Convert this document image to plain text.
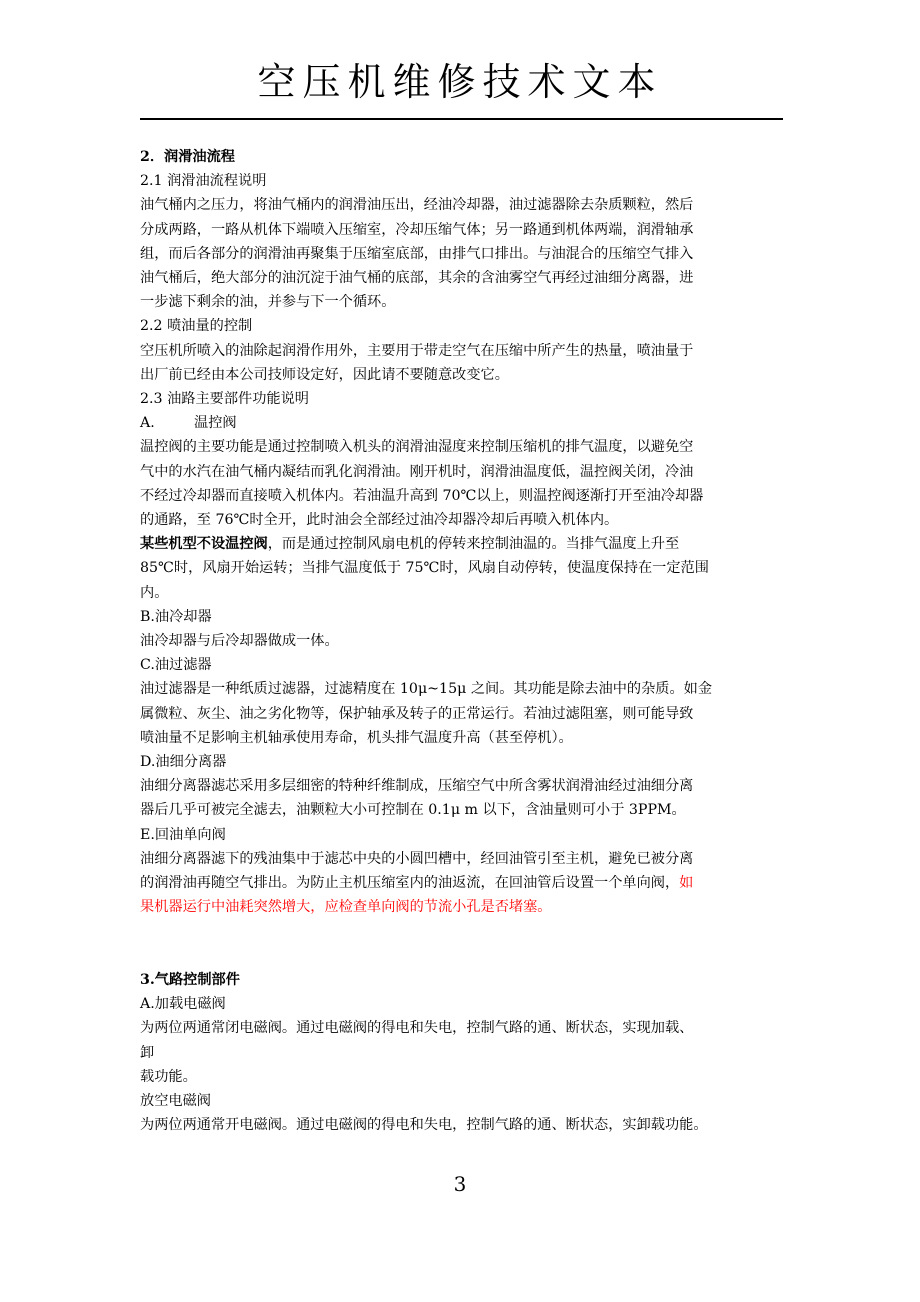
空压机维修技术文本

2．润滑油流程

2.1 润滑油流程说明

油气桶内之压力，将油气桶内的润滑油压出，经油冷却器，油过滤器除去杂质颗粒，然后

分成两路，一路从机体下端喷入压缩室，冷却压缩气体；另一路通到机体两端，润滑轴承

组，而后各部分的润滑油再聚集于压缩室底部，由排气口排出。与油混合的压缩空气排入

油气桶后，绝大部分的油沉淀于油气桶的底部，其余的含油雾空气再经过油细分离器，进

一步滤下剩余的油，并参与下一个循环。

2.2 喷油量的控制

空压机所喷入的油除起润滑作用外，主要用于带走空气在压缩中所产生的热量，喷油量于

出厂前已经由本公司技师设定好，因此请不要随意改变它。

2.3 油路主要部件功能说明

A.	温控阀

温控阀的主要功能是通过控制喷入机头的润滑油湿度来控制压缩机的排气温度，以避免空

气中的水汽在油气桶内凝结而乳化润滑油。刚开机时，润滑油温度低，温控阀关闭，冷油

不经过冷却器而直接喷入机体内。若油温升高到 70℃以上，则温控阀逐渐打开至油冷却器

的通路，至 76℃时全开，此时油会全部经过油冷却器冷却后再喷入机体内。

某些机型不设温控阀，而是通过控制风扇电机的停转来控制油温的。当排气温度上升至

85℃时，风扇开始运转；当排气温度低于 75℃时，风扇自动停转，使温度保持在一定范围

内。

B.油冷却器

油冷却器与后冷却器做成一体。

C.油过滤器

油过滤器是一种纸质过滤器，过滤精度在 10μ~15μ 之间。其功能是除去油中的杂质。如金

属微粒、灰尘、油之劣化物等，保护轴承及转子的正常运行。若油过滤阻塞，则可能导致

喷油量不足影响主机轴承使用寿命，机头排气温度升高（甚至停机）。

D.油细分离器

油细分离器滤芯采用多层细密的特种纤维制成，压缩空气中所含雾状润滑油经过油细分离

器后几乎可被完全滤去，油颗粒大小可控制在 0.1μ m 以下，含油量则可小于 3PPM。

E.回油单向阀

油细分离器滤下的残油集中于滤芯中央的小圆凹槽中，经回油管引至主机，避免已被分离

的润滑油再随空气排出。为防止主机压缩室内的油返流，在回油管后设置一个单向阀，如

果机器运行中油耗突然增大，应检查单向阀的节流小孔是否堵塞。

3.气路控制部件

A.加载电磁阀

为两位两通常闭电磁阀。通过电磁阀的得电和失电，控制气路的通、断状态，实现加载、

卸

载功能。

放空电磁阀

为两位两通常开电磁阀。通过电磁阀的得电和失电，控制气路的通、断状态，实卸载功能。

3
